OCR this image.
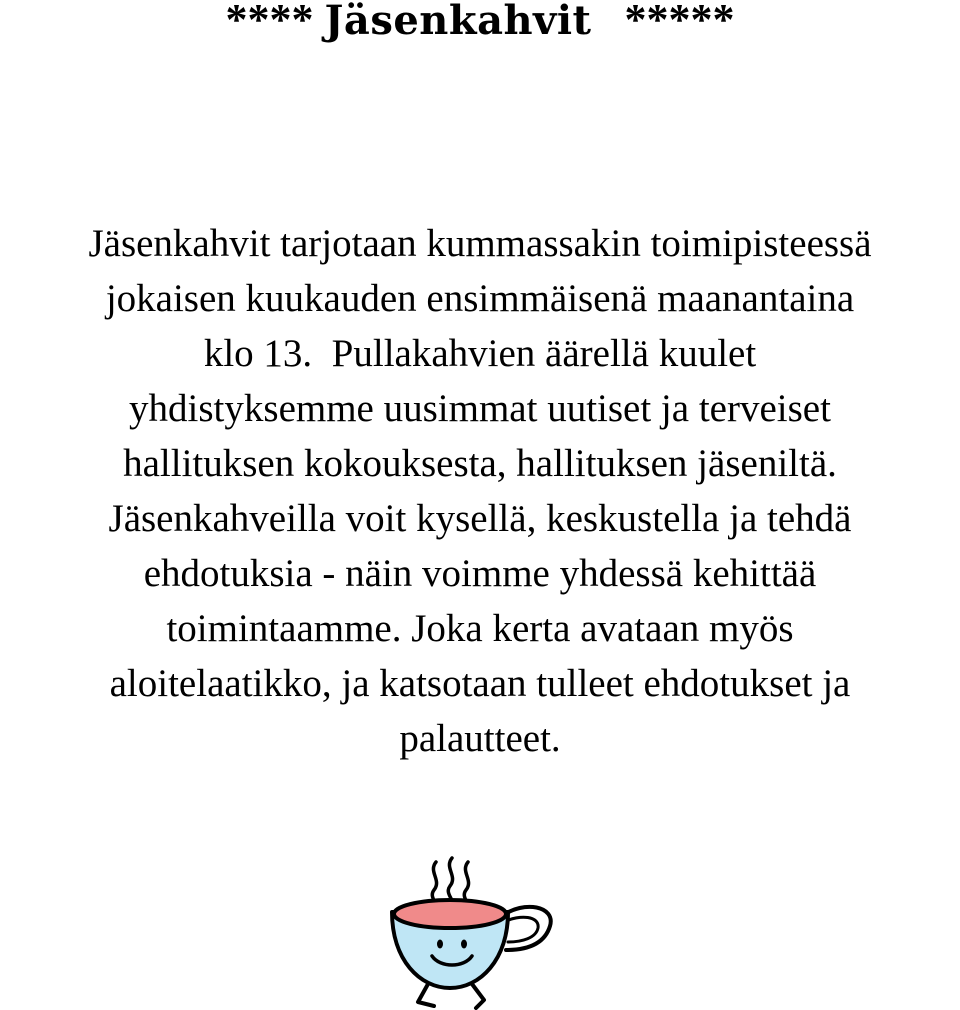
**** Jäsenkahvit *****

Jäsenkahvit tarjotaan kummassakin toimipisteessä
jokaisen kuukauden ensimmäisenä maanantaina
klo 13.  Pullakahvien äärellä kuulet
yhdistyksemme uusimmat uutiset ja terveiset
hallituksen kokouksesta, hallituksen jäseniltä.
Jäsenkahveilla voit kysellä, keskustella ja tehdä
ehdotuksia - näin voimme yhdessä kehittää
toimintaamme. Joka kerta avataan myös
aloitelaatikko, ja katsotaan tulleet ehdotukset ja
palautteet.
